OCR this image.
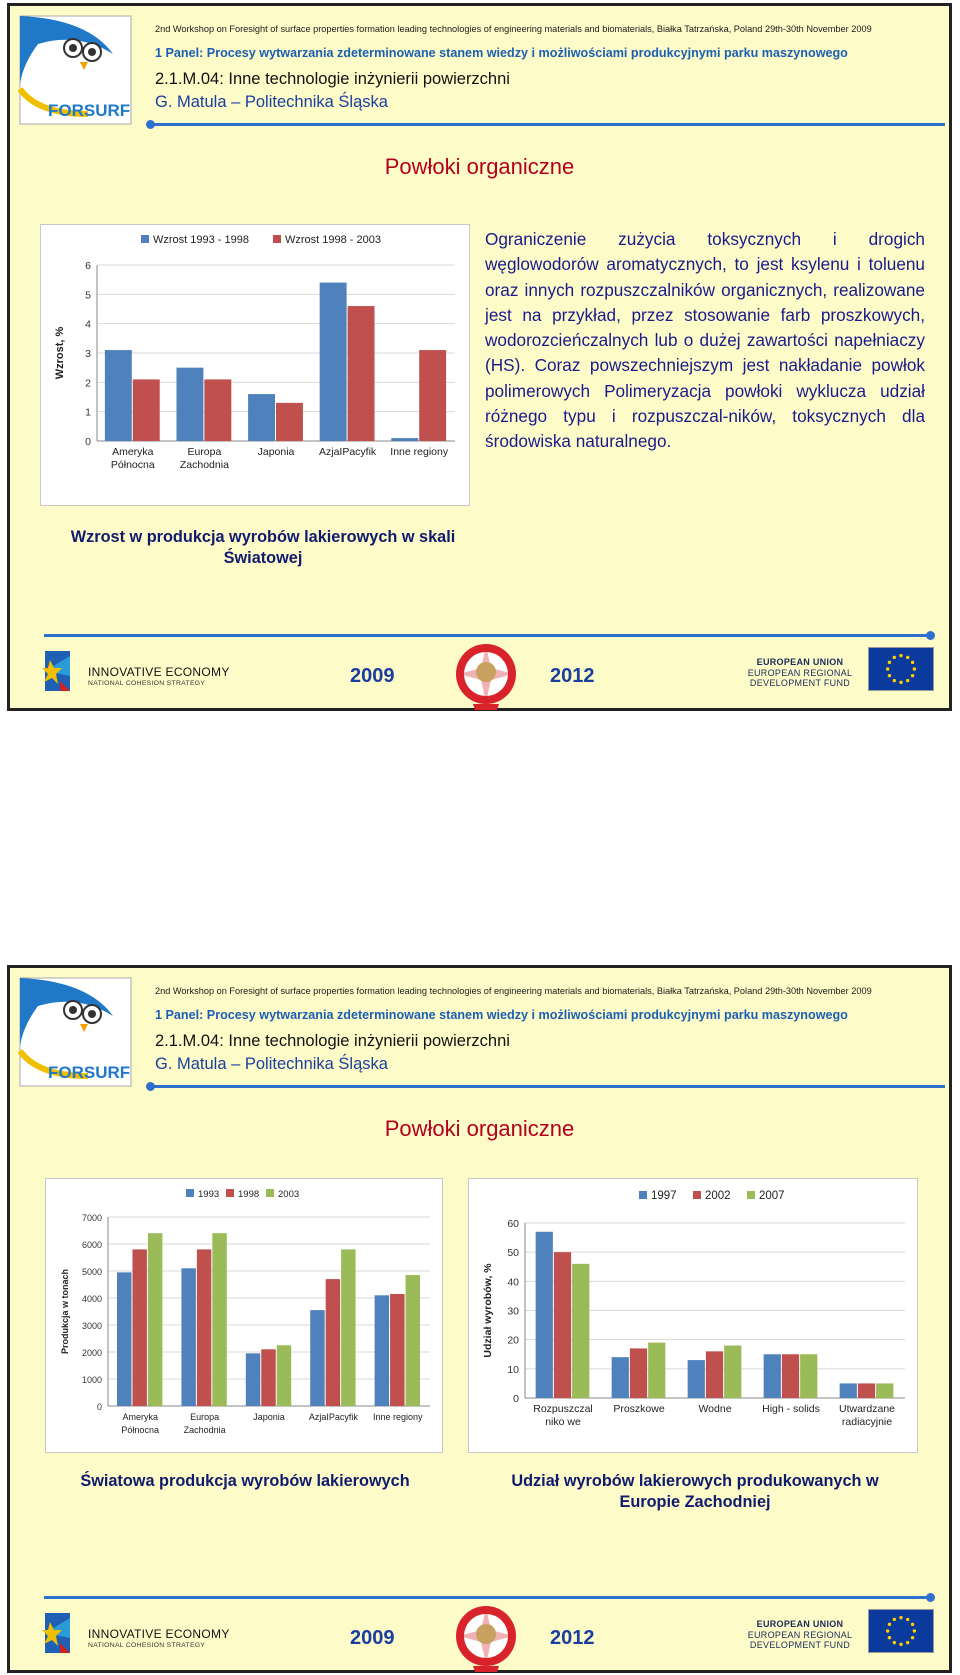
FORSURF
2nd Workshop on Foresight of surface properties formation leading technologies of engineering materials and biomaterials, Białka Tatrzańska, Poland 29th-30th November 2009
1 Panel: Procesy wytwarzania zdeterminowane stanem wiedzy i możliwościami produkcyjnymi parku maszynowego
2.1.M.04: Inne technologie inżynierii powierzchni
G. Matula – Politechnika Śląska
Powłoki organiczne
0
1
2
3
4
5
6
Wzrost, %
Ameryka
Północna
Europa
Zachodnia
Japonia AzjaIPacyfik Inne regiony
Wzrost 1993 - 1998	Wzrost 1998 - 2003	Ograniczenie zużycia toksycznych i drogich węglowodorów aromatycznych, to jest ksylenu i toluenu oraz innych rozpuszczalników organicznych, realizowane jest na przykład, przez stosowanie farb proszkowych, wodorozcieńczalnych lub o dużej zawartości napełniaczy (HS). Coraz powszechniejszym jest nakładanie powłok polimerowych Polimeryzacja powłoki wyklucza udział różnego typu i rozpuszczal-ników, toksycznych dla środowiska naturalnego.
Wzrost w produkcja wyrobów lakierowych w skali Światowej
INNOVATIVE ECONOMY
NATIONAL COHESION STRATEGY	2009	2012
EUROPEAN UNION
EUROPEAN REGIONAL
DEVELOPMENT FUND
FORSURF
2nd Workshop on Foresight of surface properties formation leading technologies of engineering materials and biomaterials, Białka Tatrzańska, Poland 29th-30th November 2009
1 Panel: Procesy wytwarzania zdeterminowane stanem wiedzy i możliwościami produkcyjnymi parku maszynowego
2.1.M.04: Inne technologie inżynierii powierzchni
G. Matula – Politechnika Śląska
Powłoki organiczne
0
1000
2000
3000
4000
5000
6000
7000
Produkcja w tonach
Ameryka
Północna
Europa
Zachodnia
Japonia	AzjaIPacyfik Inne regiony
1993 1998 2003
0
10
20
30
40
50
60
Udział wyrobów, %
Rozpuszczal
niko we
Proszkowe	Wodne	High - solids Utwardzane
radiacyjnie
1997 2002 2007
Światowa produkcja wyrobów lakierowych	Udział wyrobów lakierowych produkowanych w Europie Zachodniej
INNOVATIVE ECONOMY
NATIONAL COHESION STRATEGY	2009	2012
EUROPEAN UNION
EUROPEAN REGIONAL
DEVELOPMENT FUND
